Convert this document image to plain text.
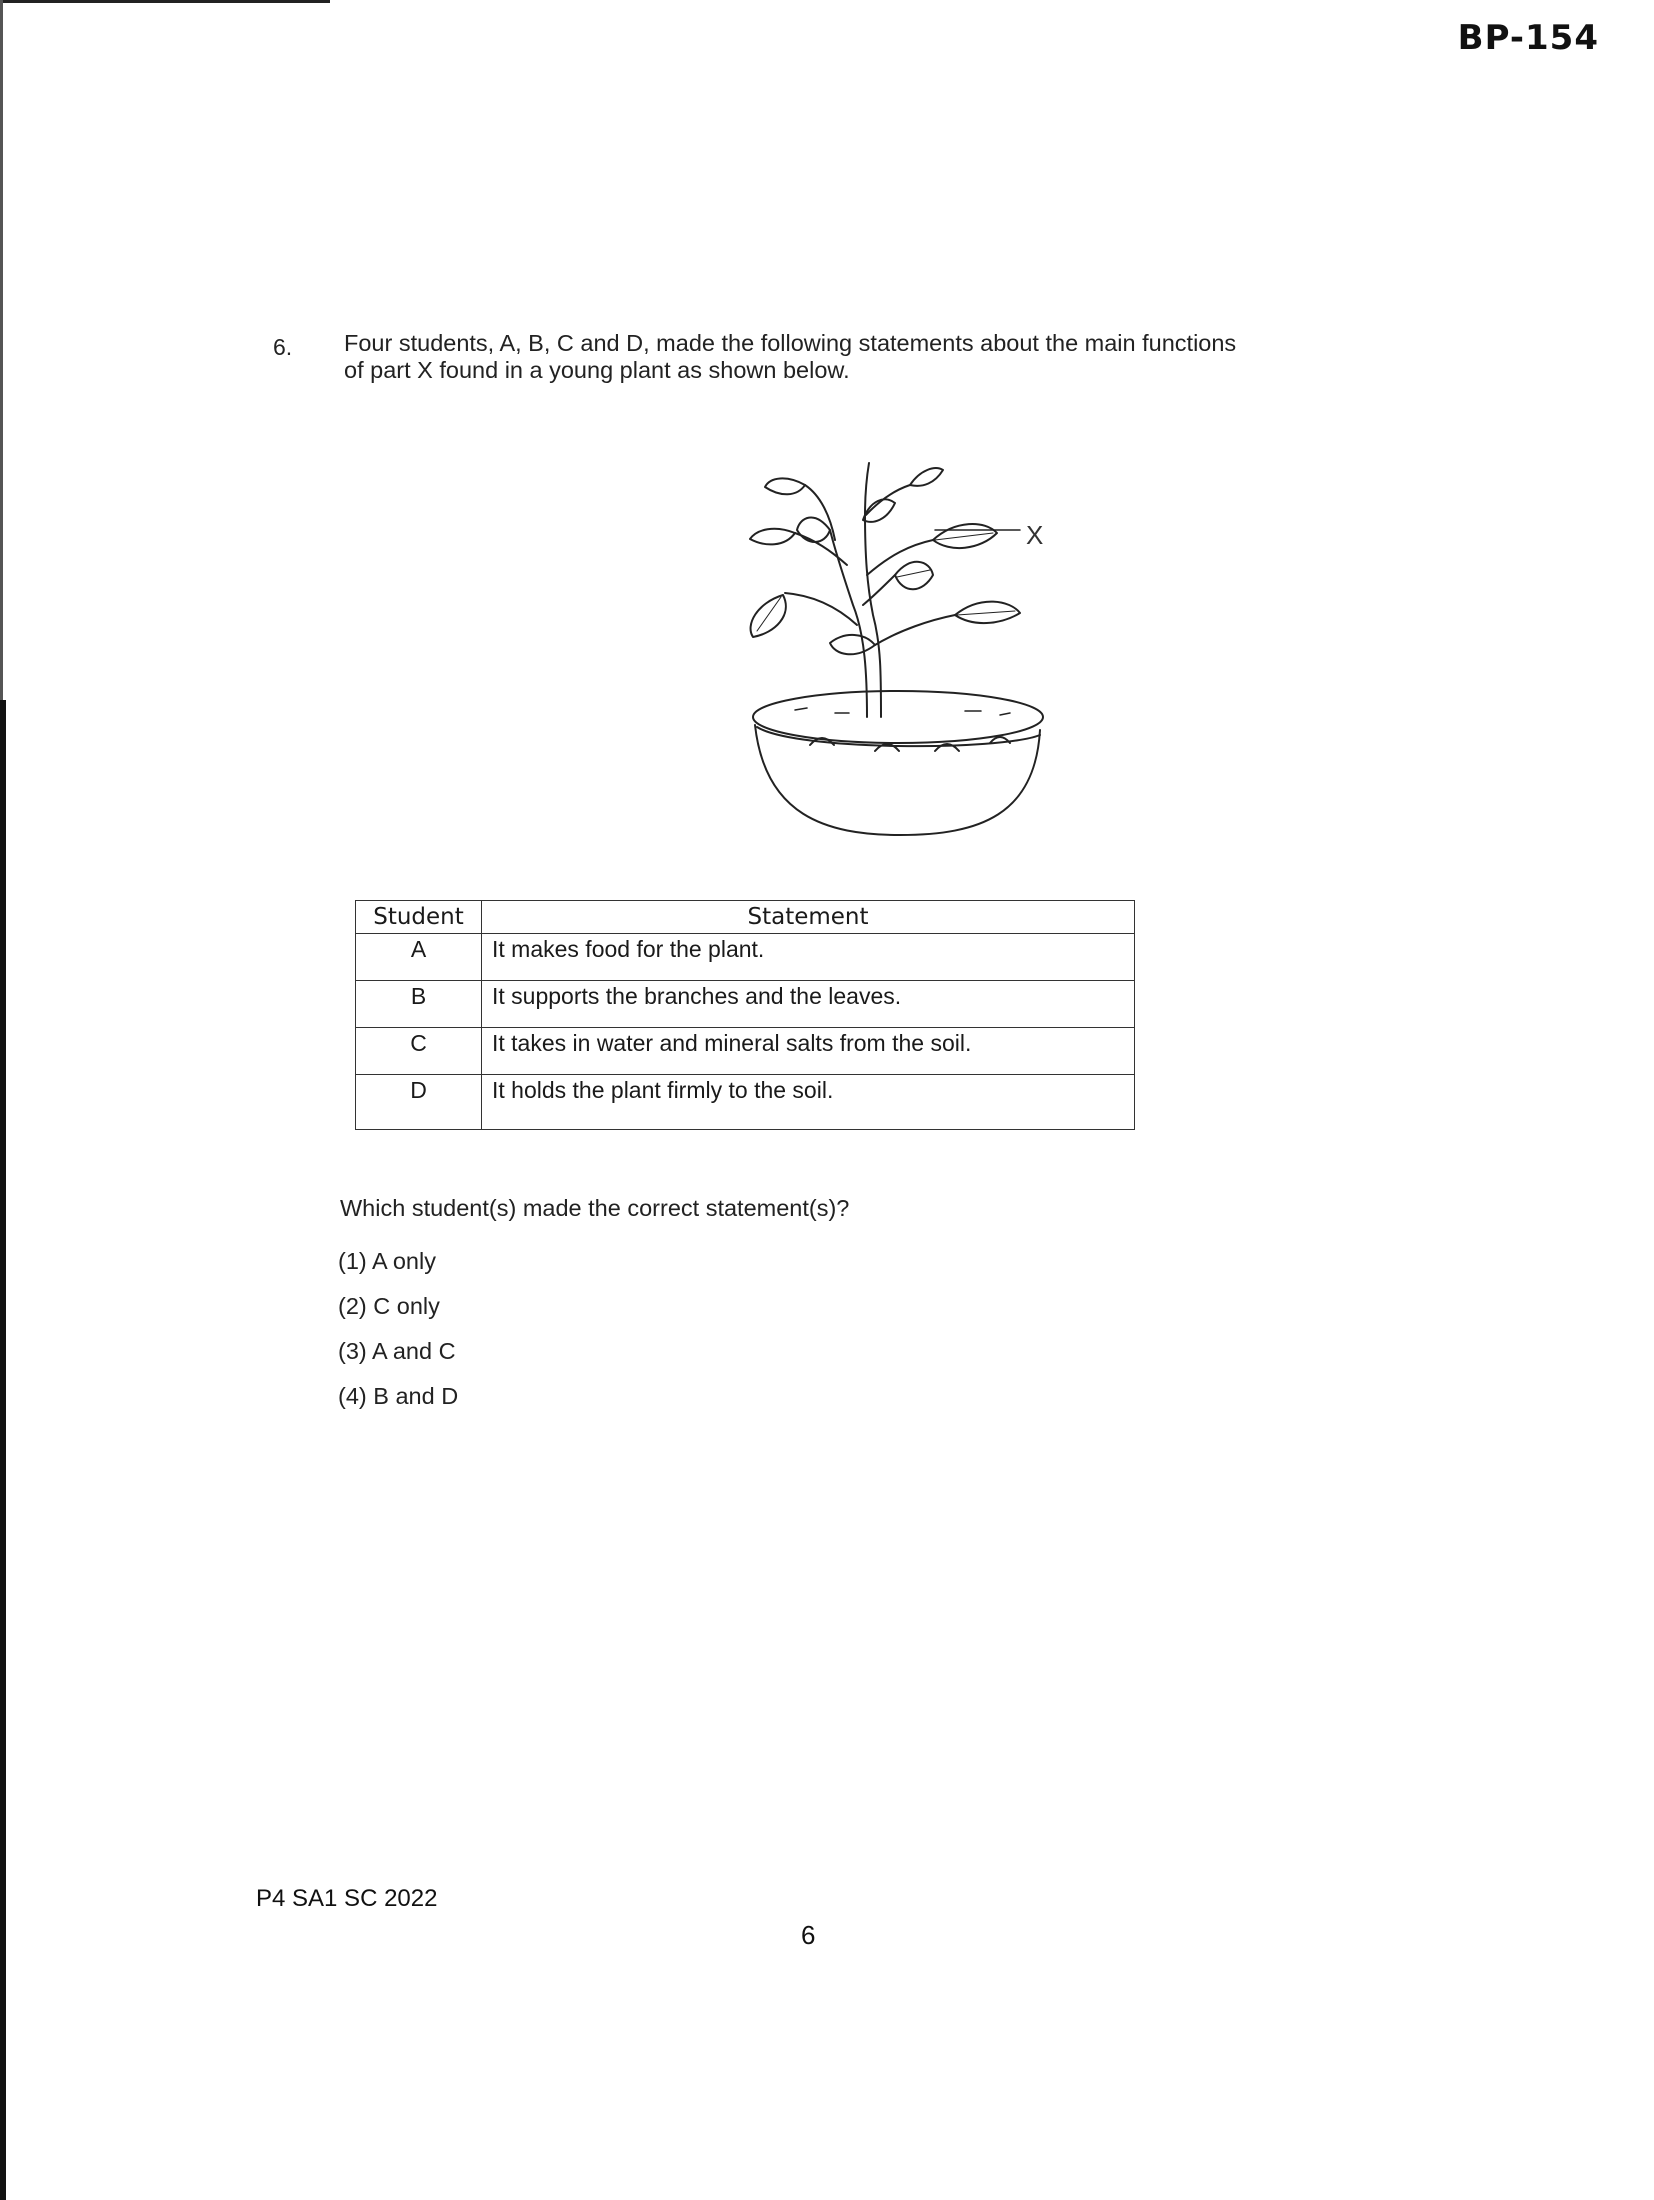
BP-154
6. Four students, A, B, C and D, made the following statements about the main functions
of part X found in a young plant as shown below.
X
Student	Statement
A	It makes food for the plant.
B	It supports the branches and the leaves.
C	It takes in water and mineral salts from the soil.
D	It holds the plant firmly to the soil.
Which student(s) made the correct statement(s)?
(1) A only
(2) C only
(3) A and C
(4) B and D
P4 SA1 SC 2022
6
